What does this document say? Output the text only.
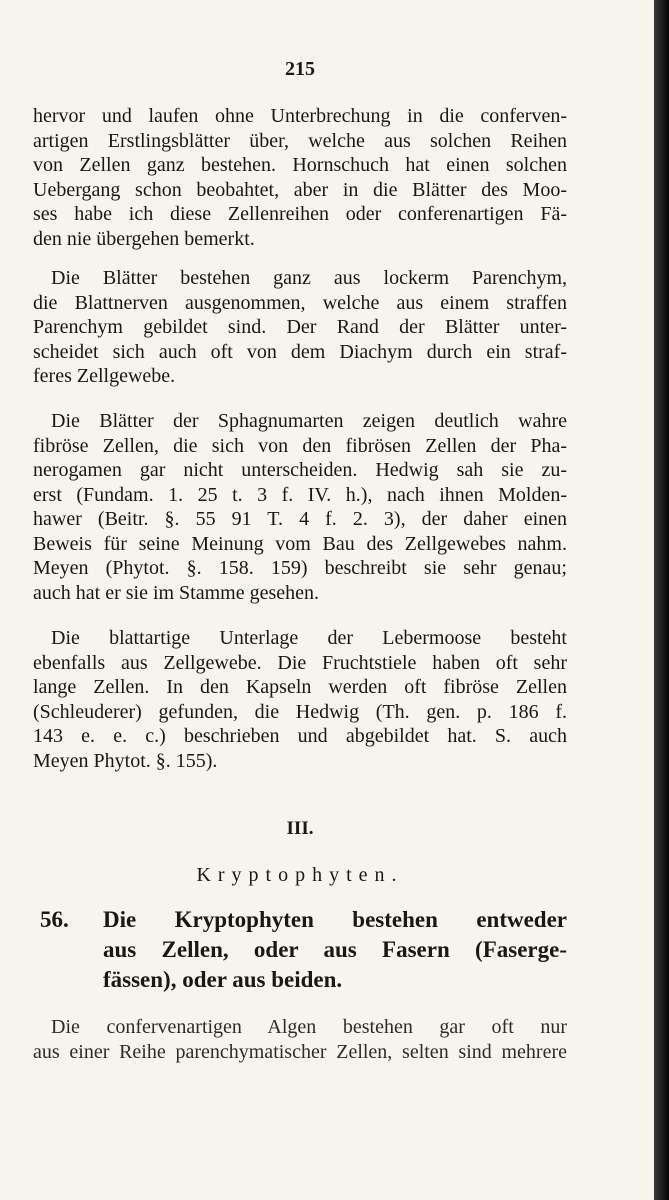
215
hervor und laufen ohne Unterbrechung in die conferven-
artigen Erstlingsblätter über, welche aus solchen Reihen
von Zellen ganz bestehen. Hornschuch hat einen solchen
Uebergang schon beobahtet, aber in die Blätter des Moo-
ses habe ich diese Zellenreihen oder conferenartigen Fä-
den nie übergehen bemerkt.
Die Blätter bestehen ganz aus lockerm Parenchym,
die Blattnerven ausgenommen, welche aus einem straffen
Parenchym gebildet sind. Der Rand der Blätter unter-
scheidet sich auch oft von dem Diachym durch ein straf-
feres Zellgewebe.
Die Blätter der Sphagnumarten zeigen deutlich wahre
fibröse Zellen, die sich von den fibrösen Zellen der Pha-
nerogamen gar nicht unterscheiden. Hedwig sah sie zu-
erst (Fundam. 1. 25 t. 3 f. IV. h.), nach ihnen Molden-
hawer (Beitr. §. 55 91 T. 4 f. 2. 3), der daher einen
Beweis für seine Meinung vom Bau des Zellgewebes nahm.
Meyen (Phytot. §. 158. 159) beschreibt sie sehr genau;
auch hat er sie im Stamme gesehen.
Die blattartige Unterlage der Lebermoose besteht
ebenfalls aus Zellgewebe. Die Fruchtstiele haben oft sehr
lange Zellen. In den Kapseln werden oft fibröse Zellen
(Schleuderer) gefunden, die Hedwig (Th. gen. p. 186 f.
143 e. e. c.) beschrieben und abgebildet hat. S. auch
Meyen Phytot. §. 155).
III.
Kryptophyten.
56.	Die Kryptophyten bestehen entweder
aus Zellen, oder aus Fasern (Faserge-
fässen), oder aus beiden.
Die confervenartigen Algen bestehen gar oft nur
aus einer Reihe parenchymatischer Zellen, selten sind mehrere
